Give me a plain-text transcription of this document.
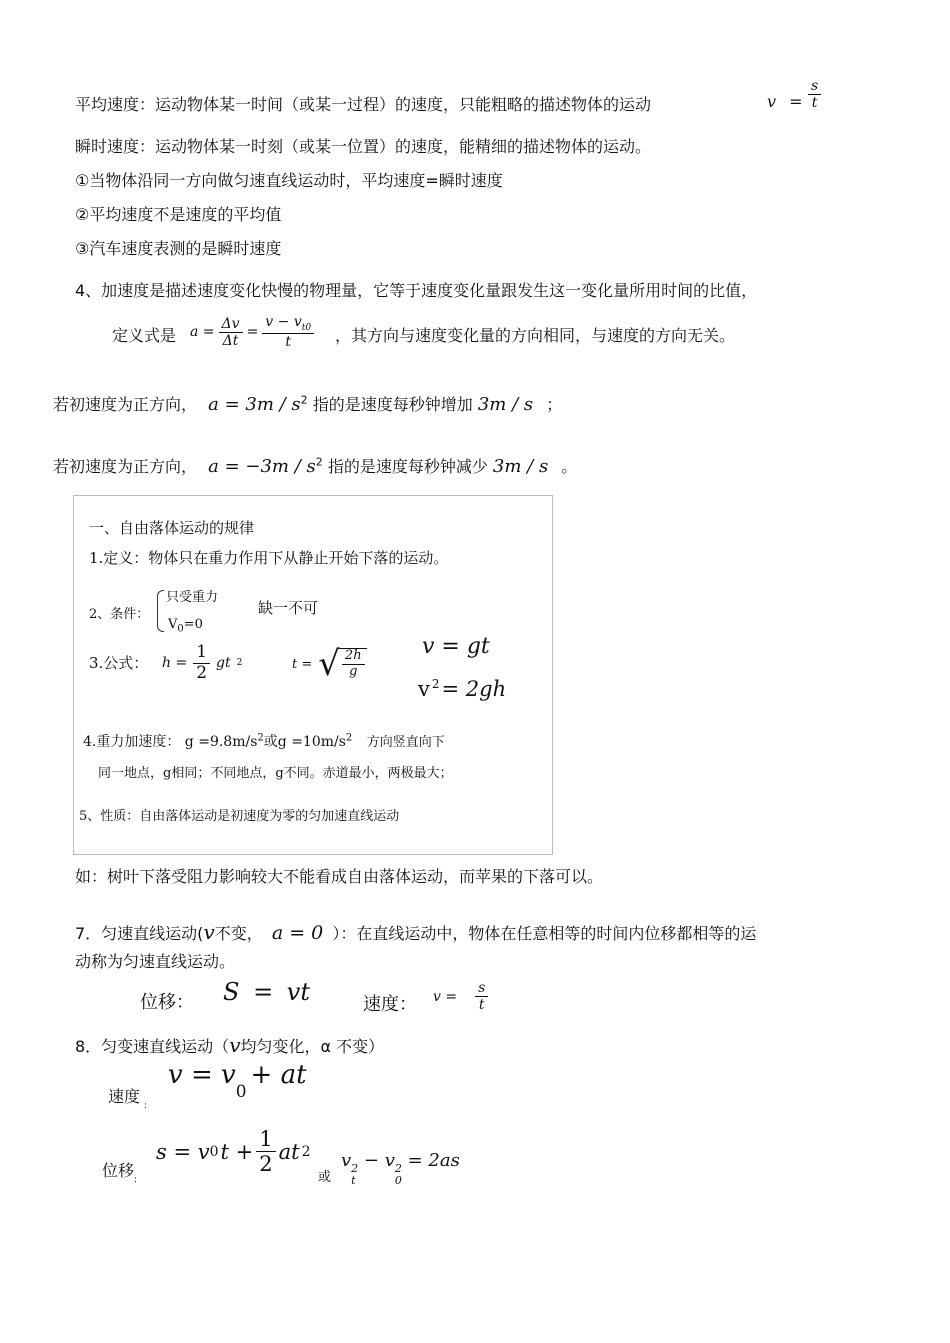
平均速度：运动物体某一时间（或某一过程）的速度，只能粗略的描述物体的运动	$v = \frac{s}{t}$
瞬时速度：运动物体某一时刻（或某一位置）的速度，能精细的描述物体的运动。
①当物体沿同一方向做匀速直线运动时，平均速度=瞬时速度
②平均速度不是速度的平均值
③汽车速度表测的是瞬时速度
4、加速度是描述速度变化快慢的物理量，它等于速度变化量跟发生这一变化量所用时间的比值，
定义式是 $a = \frac{\Delta v}{\Delta t} = \frac{v - v_{t0}}{t}$ ，其方向与速度变化量的方向相同，与速度的方向无关。
若初速度为正方向， $a = 3m / s^2$ 指的是速度每秒钟增加 3m / s ；
若初速度为正方向， $a = -3m / s^2$ 指的是速度每秒钟减少 3m / s 。
一、自由落体运动的规律
1.定义：物体只在重力作用下从静止开始下落的运动。
2、条件：
只受重力
$V_0=0$
缺一不可
3.公式： $h = \frac{1}{2}$ gt 2	t = √ $\frac{2h}{g}$
v = gt
v $^2$= 2gh
4.重力加速度： $g =9.8m/s^2$或$g =10m/s^2$ 方向竖直向下
同一地点，g相同；不同地点，g不同。赤道最小，两极最大；
5、性质：自由落体运动是初速度为零的匀加速直线运动
如：树叶下落受阻力影响较大不能看成自由落体运动，而苹果的下落可以。
7．匀速直线运动(v不变， a = 0 ）：在直线运动中，物体在任意相等的时间内位移都相等的运
动称为匀速直线运动。
位移： S = vt	速度： $v = \frac{s}{t}$
8．匀变速直线运动（v均匀变化，α 不变）
速度 $_:$
$v = v_0+$ at
位移$_:$
s = v 0 $t + \frac{1}{2}$ at 2
或
v 2
t
− v 2
0
= 2as
